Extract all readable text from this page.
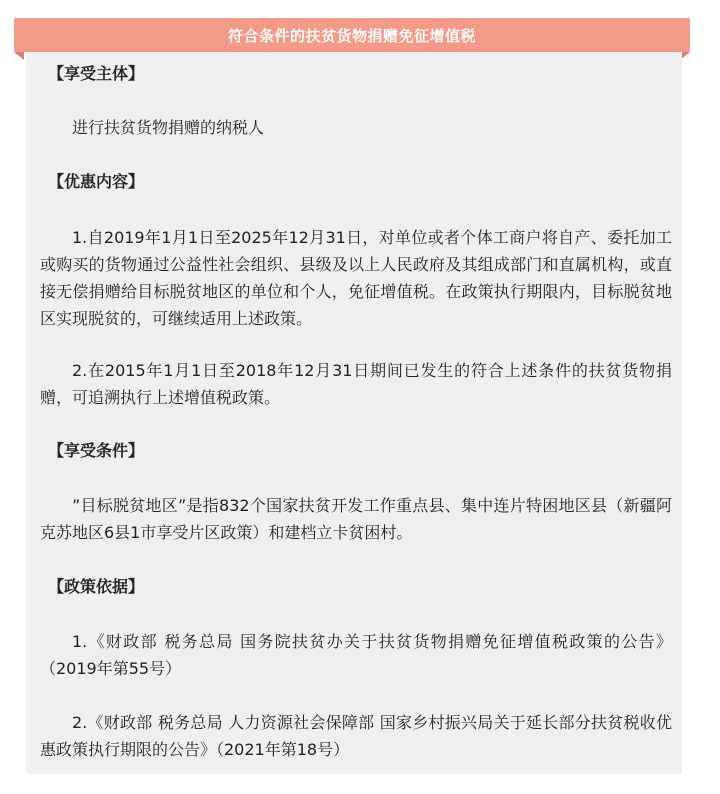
符合条件的扶贫货物捐赠免征增值税
【享受主体】
进行扶贫货物捐赠的纳税人
【优惠内容】
1.自2019年1月1日至2025年12月31日，对单位或者个体工商户将自产、委托加工或购买的货物通过公益性社会组织、县级及以上人民政府及其组成部门和直属机构，或直接无偿捐赠给目标脱贫地区的单位和个人，免征增值税。在政策执行期限内，目标脱贫地区实现脱贫的，可继续适用上述政策。
2.在2015年1月1日至2018年12月31日期间已发生的符合上述条件的扶贫货物捐赠，可追溯执行上述增值税政策。
【享受条件】
”目标脱贫地区”是指832个国家扶贫开发工作重点县、集中连片特困地区县（新疆阿克苏地区6县1市享受片区政策）和建档立卡贫困村。
【政策依据】
1.《财政部 税务总局 国务院扶贫办关于扶贫货物捐赠免征增值税政策的公告》（2019年第55号）
2.《财政部 税务总局 人力资源社会保障部 国家乡村振兴局关于延长部分扶贫税收优惠政策执行期限的公告》（2021年第18号）
